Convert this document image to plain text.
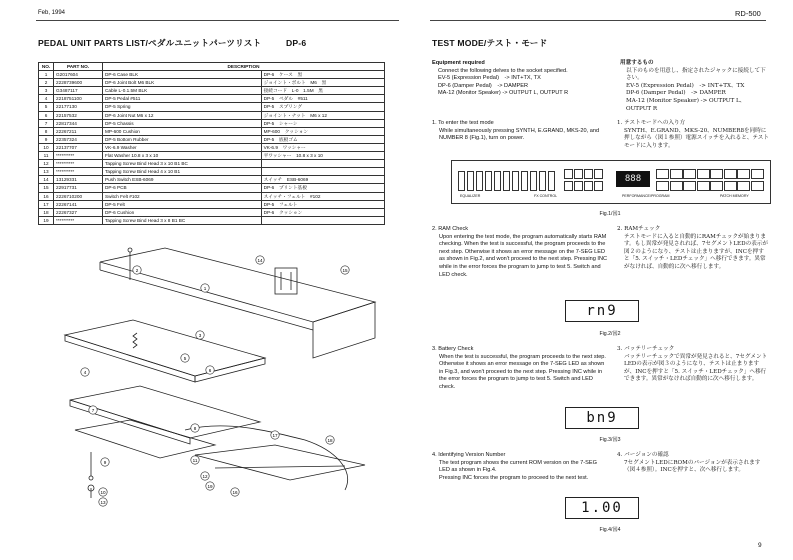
Feb, 1994	RD-500
PEDAL UNIT PARTS LIST/ペダルユニットパーツリスト	DP-6
NO.	PART NO.	DESCRIPTION	
1	G2017604	DP-6 Case BLK	DP-6　ケース　黒
2	2228739600	DP-6 Joint Bolt M6 BLK	ジョイント・ボルト　M6　黒
3	G3487117	Cable L-0.1.5M BLK	接続コード　L-0　1.5M　黒
4	2218751100	DP-5 Pedal #511	DP-5　ペダル　#511
5	22177130	DP-5 Spring	DP-5　スプリング
6	22157532	DP-6 Joint Nut M6 x 12	ジョイント・ナット　M6 x 12
7	22817344	DP-5 Chassis	DP-5　シャーシ
8	22267211	MP-600 Cushion	MP-600　クッション
9	22357324	DP-5 Bottom Rubber	DP-5　底板ゴム
10	22137707	VK-6.9 Washer	VK-6.9　ワッシャー
11	**********	Flat Washer 10.8 x 3 x 10	平ワッシャー　10.8 x 3 x 10
12	**********	Tapping Screw Bind Head 3 x 10 B1 BC	
13	**********	Tapping Screw Bind Head 4 x 10 B1	
14	13129331	Push Switch ESB-6069	スイッチ　ESB-6069
15	22917731	DP-6 PCB	DP-6　プリント基板
16	2226710200	Switch Felt #102	スイッチ・フェルト　#102
17	22267141	DP-5 Felt	DP-5　フェルト
18	22267327	DP-6 Cushion	DP-6　クッション
19	**********	Tapping Screw Bind Head 3 x 8 B1 BC	
1
2
3
4
5
6
7
8
9
10
11
12
13
14
15
16
17
18
19
TEST MODE/テスト・モード
Equipment required
Connect the following delves to the socket specified.
EV-5 (Expression Pedal)　-> INT+TX, TX
DP-6 (Damper Pedal)　-> DAMPER
MA-12 (Monitor Speaker) -> OUTPUT L, OUTPUT R
用意するもの
以下のものを用意し、指定されたジャックに接続して下さい。
EV-5 (Expression Pedal)　-> INT+TX、TX
DP-6 (Damper Pedal)　-> DAMPER
MA-12 (Monitor Speaker) -> OUTPUT L、OUTPUT R
1. To enter the test mode
While simultaneously pressing SYNTH, E.GRAND, MKS-20, and NUMBER 8 (Fig.1), turn on power.
1. テストモードへの入り方
SYNTH、E.GRAND、MKS-20、NUMBER8を同時に押しながら（図１参照）電源スイッチを入れると、テストモードに入ります。
888
EQUALIZER	FX CONTROL	PERFORMANCE/PROGRAM	PATCH MEMORY
Fig.1/図1
2. RAM Check
Upon entering the test mode, the program automatically starts RAM checking. When the test is successful, the program proceeds to the next step. Otherwise it shows an error message on the 7-SEG LED as shown in Fig.2, and won't proceed to the next step. Pressing INC while in the error forces the program to jump to test 5. Switch and LED check.
2. RAMチェック
テストモードに入ると自動的にRAMチェックが始まります。もし異常が発見されれば、7セグメントLEDの表示が図２のようになり、テストは止まりますが、INCを押すと「5. スイッチ・LEDチェック」へ移行できます。異常がなければ、自動的に次へ移行します。
rn9
Fig.2/図2
3. Battery Check
When the test is successful, the program proceeds to the next step. Otherwise it shows an error message on the 7-SEG LED as shown in Fig.3, and won't proceed to the next step. Pressing INC while in the error forces the program to jump to test 5. Switch and LED check.
3. バッテリーチェック
バッテリーチェックで異常が発見されると、7セグメントLEDの表示が図３のようになり、テストは止まりますが、INCを押すと「5. スイッチ・LEDチェック」へ移行できます。異常がなければ自動的に次へ移行します。
bn9
Fig.3/図3
4. Identifying Version Number
The test program shows the current ROM version on the 7-SEG LED as shown in Fig.4.
Pressing INC forces the program to proceed to the next test.
4. バージョンの確認
7セグメントLEDにROMのバージョンが表示されます（図４参照）。INCを押すと、次へ移行します。
1.00
Fig.4/図4
9
